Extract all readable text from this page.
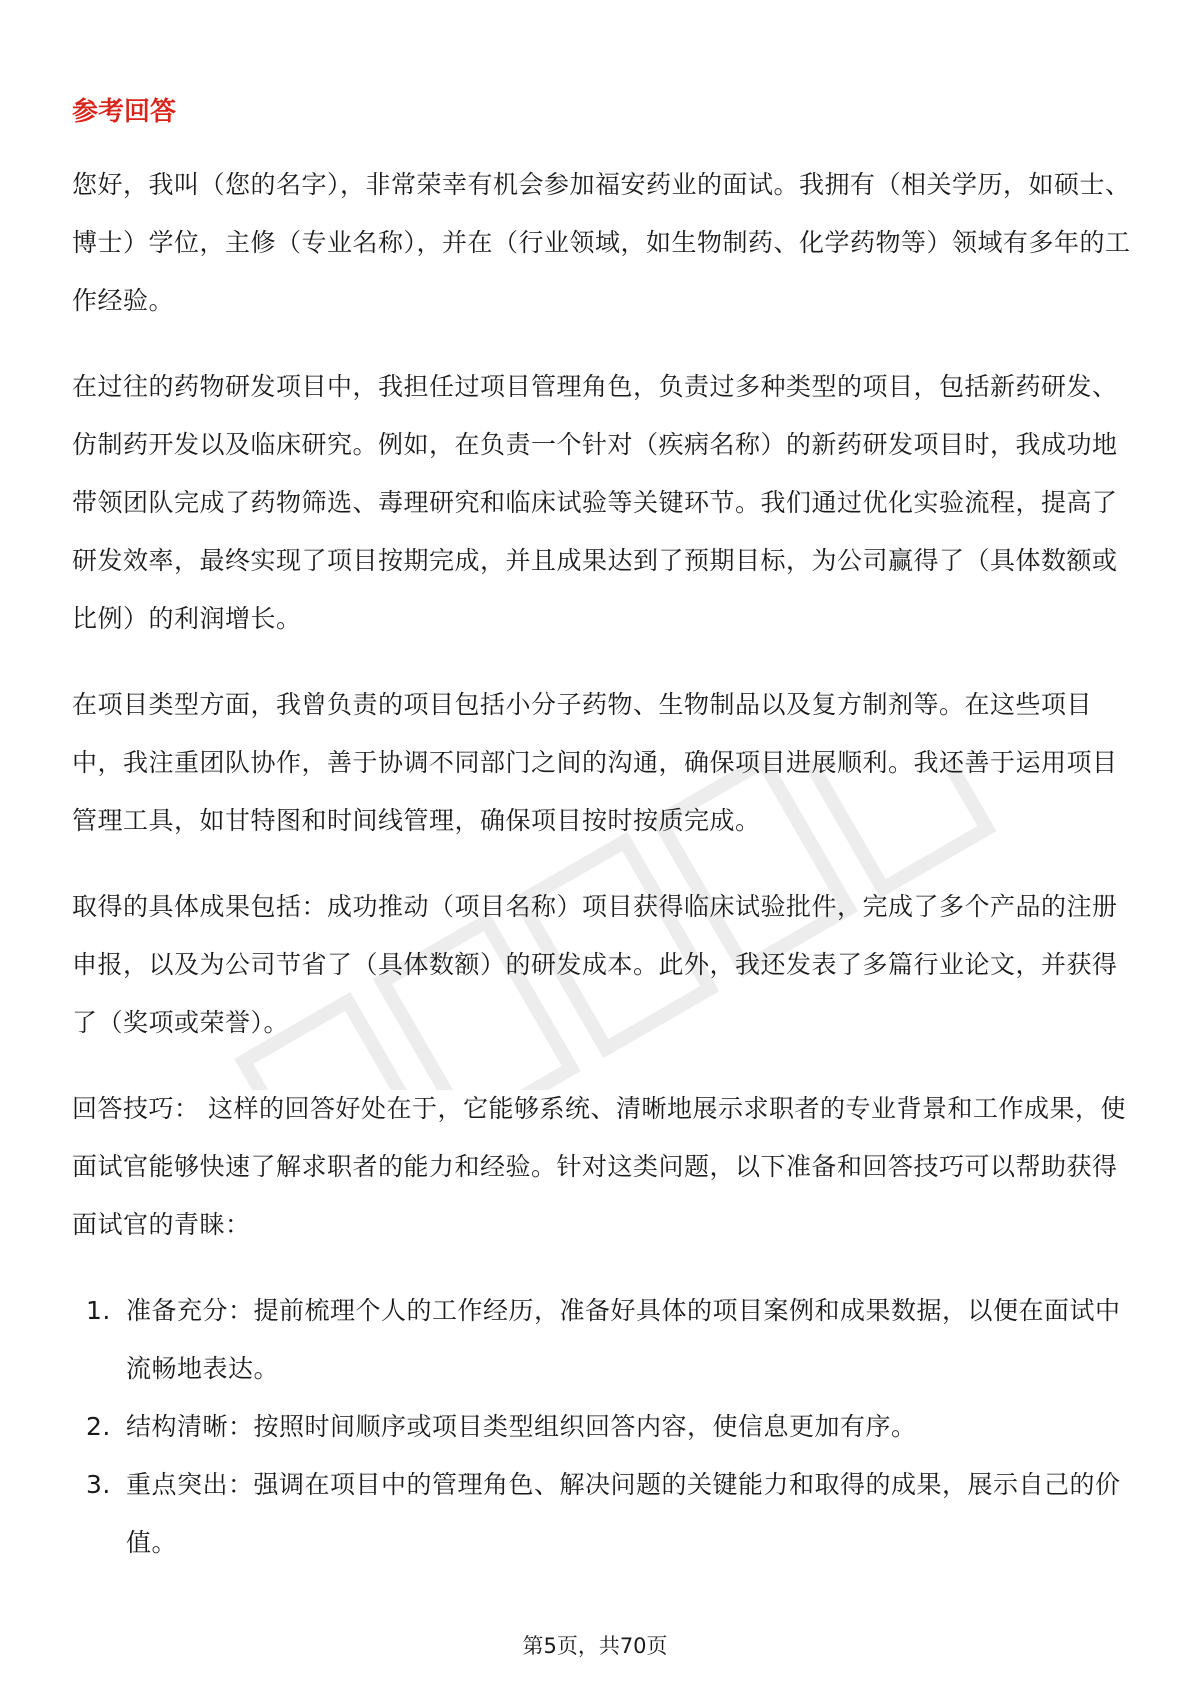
参考回答

您好，我叫（您的名字），非常荣幸有机会参加福安药业的面试。我拥有（相关学历，如硕士、博士）学位，主修（专业名称），并在（行业领域，如生物制药、化学药物等）领域有多年的工作经验。

在过往的药物研发项目中，我担任过项目管理角色，负责过多种类型的项目，包括新药研发、仿制药开发以及临床研究。例如，在负责一个针对（疾病名称）的新药研发项目时，我成功地带领团队完成了药物筛选、毒理研究和临床试验等关键环节。我们通过优化实验流程，提高了研发效率，最终实现了项目按期完成，并且成果达到了预期目标，为公司赢得了（具体数额或比例）的利润增长。

在项目类型方面，我曾负责的项目包括小分子药物、生物制品以及复方制剂等。在这些项目中，我注重团队协作，善于协调不同部门之间的沟通，确保项目进展顺利。我还善于运用项目管理工具，如甘特图和时间线管理，确保项目按时按质完成。

取得的具体成果包括：成功推动（项目名称）项目获得临床试验批件，完成了多个产品的注册申报，以及为公司节省了（具体数额）的研发成本。此外，我还发表了多篇行业论文，并获得了（奖项或荣誉）。

回答技巧： 这样的回答好处在于，它能够系统、清晰地展示求职者的专业背景和工作成果，使面试官能够快速了解求职者的能力和经验。针对这类问题，以下准备和回答技巧可以帮助获得面试官的青睐：

1. 准备充分：提前梳理个人的工作经历，准备好具体的项目案例和成果数据，以便在面试中流畅地表达。
2. 结构清晰：按照时间顺序或项目类型组织回答内容，使信息更加有序。
3. 重点突出：强调在项目中的管理角色、解决问题的关键能力和取得的成果，展示自己的价值。
第5页，共70页
